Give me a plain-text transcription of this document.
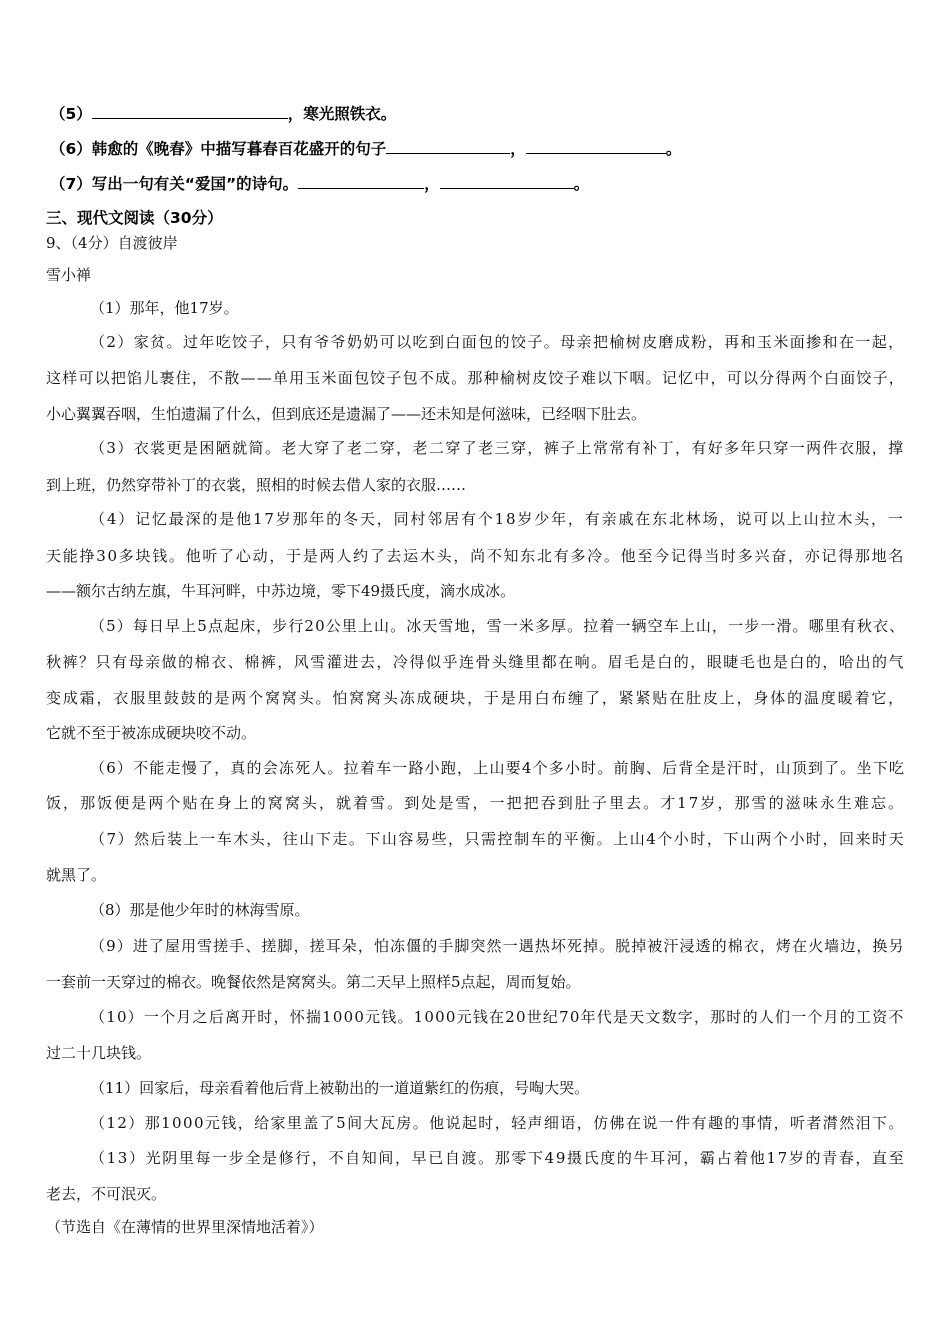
（5）	，寒光照铁衣。
（6）韩愈的《晚春》中描写暮春百花盛开的句子	，	。
（7）写出一句有关“爱国”的诗句。	，	。
三、现代文阅读（30分）
9、（4分）自渡彼岸
雪小禅
（1）那年，他17岁。
（2）家贫。过年吃饺子，只有爷爷奶奶可以吃到白面包的饺子。母亲把榆树皮磨成粉，再和玉米面掺和在一起，
这样可以把馅儿裹住，不散——单用玉米面包饺子包不成。那种榆树皮饺子难以下咽。记忆中，可以分得两个白面饺子，
小心翼翼吞咽，生怕遗漏了什么，但到底还是遗漏了——还未知是何滋味，已经咽下肚去。
（3）衣裳更是困陋就简。老大穿了老二穿，老二穿了老三穿，裤子上常常有补丁，有好多年只穿一两件衣服，撑
到上班，仍然穿带补丁的衣裳，照相的时候去借人家的衣服……
（4）记忆最深的是他17岁那年的冬天，同村邻居有个18岁少年，有亲戚在东北林场，说可以上山拉木头，一
天能挣30多块钱。他听了心动，于是两人约了去运木头，尚不知东北有多冷。他至今记得当时多兴奋，亦记得那地名
——额尔古纳左旗，牛耳河畔，中苏边境，零下49摄氏度，滴水成冰。
（5）每日早上5点起床，步行20公里上山。冰天雪地，雪一米多厚。拉着一辆空车上山，一步一滑。哪里有秋衣、
秋裤？只有母亲做的棉衣、棉裤，风雪灌进去，冷得似乎连骨头缝里都在响。眉毛是白的，眼睫毛也是白的，哈出的气
变成霜，衣服里鼓鼓的是两个窝窝头。怕窝窝头冻成硬块，于是用白布缠了，紧紧贴在肚皮上，身体的温度暖着它，
它就不至于被冻成硬块咬不动。
（6）不能走慢了，真的会冻死人。拉着车一路小跑，上山要4个多小时。前胸、后背全是汗时，山顶到了。坐下吃
饭，那饭便是两个贴在身上的窝窝头，就着雪。到处是雪，一把把吞到肚子里去。才17岁，那雪的滋味永生难忘。
（7）然后装上一车木头，往山下走。下山容易些，只需控制车的平衡。上山4个小时，下山两个小时，回来时天
就黑了。
（8）那是他少年时的林海雪原。
（9）进了屋用雪搓手、搓脚，搓耳朵，怕冻僵的手脚突然一遇热坏死掉。脱掉被汗浸透的棉衣，烤在火墙边，换另
一套前一天穿过的棉衣。晚餐依然是窝窝头。第二天早上照样5点起，周而复始。
（10）一个月之后离开时，怀揣1000元钱。1000元钱在20世纪70年代是天文数字，那时的人们一个月的工资不
过二十几块钱。
（11）回家后，母亲看着他后背上被勒出的一道道紫红的伤痕，号啕大哭。
（12）那1000元钱，给家里盖了5间大瓦房。他说起时，轻声细语，仿佛在说一件有趣的事情，听者潸然泪下。
（13）光阴里每一步全是修行，不自知间，早已自渡。那零下49摄氏度的牛耳河，霸占着他17岁的青春，直至
老去，不可泯灭。
（节选自《在薄情的世界里深情地活着》）
